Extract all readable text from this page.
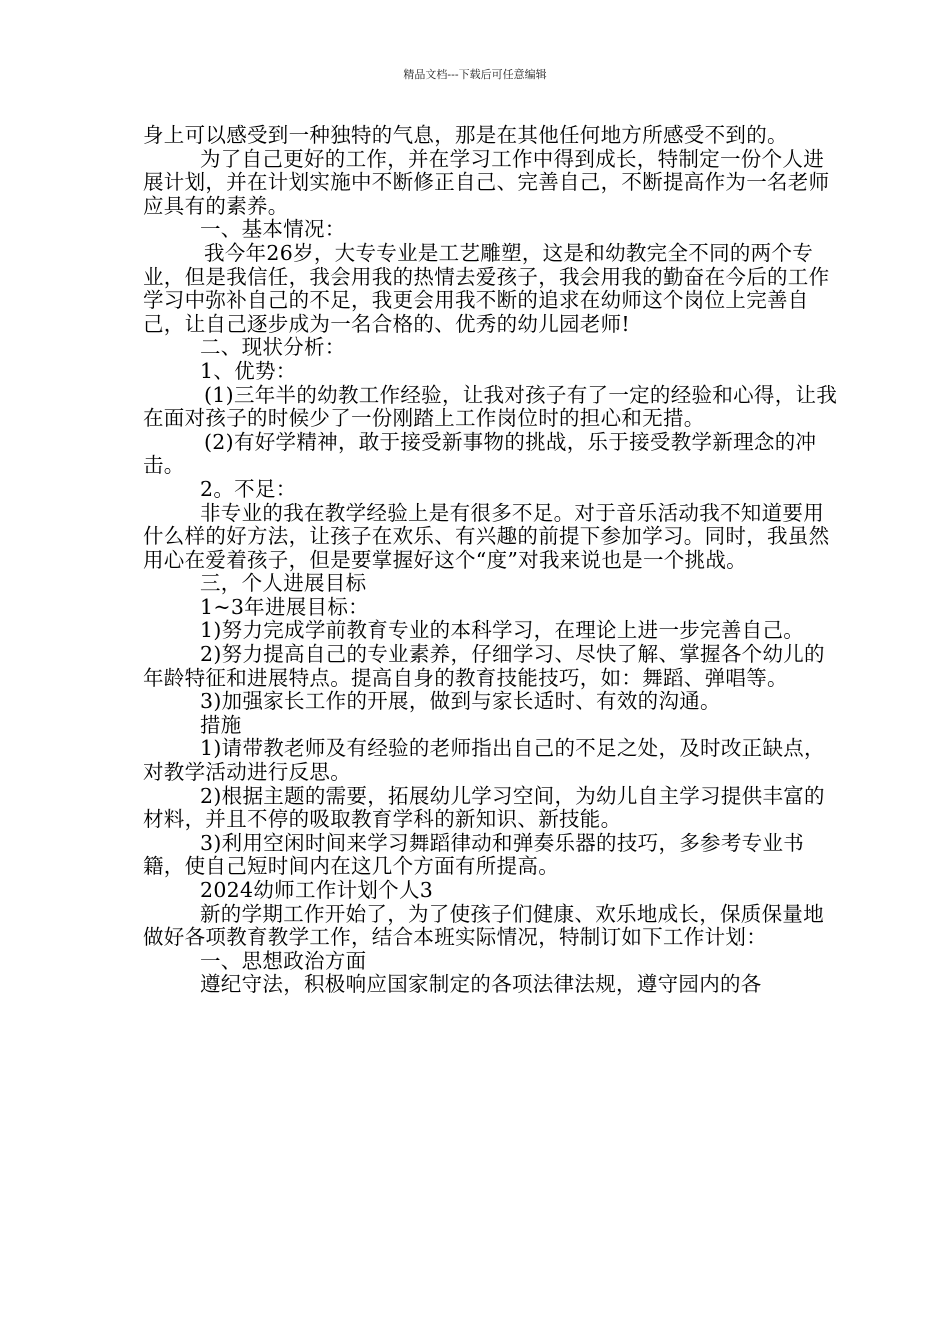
精品文档---下载后可任意编辑

身上可以感受到一种独特的气息，那是在其他任何地方所感受不到的。

为了自己更好的工作，并在学习工作中得到成长，特制定一份个人进展计划，并在计划实施中不断修正自己、完善自己，不断提高作为一名老师应具有的素养。

一、基本情况：

我今年26岁，大专专业是工艺雕塑，这是和幼教完全不同的两个专业，但是我信任，我会用我的热情去爱孩子，我会用我的勤奋在今后的工作学习中弥补自己的不足，我更会用我不断的追求在幼师这个岗位上完善自己，让自己逐步成为一名合格的、优秀的幼儿园老师!

二、现状分析：

1、优势：

(1)三年半的幼教工作经验，让我对孩子有了一定的经验和心得，让我在面对孩子的时候少了一份刚踏上工作岗位时的担心和无措。

(2)有好学精神，敢于接受新事物的挑战，乐于接受教学新理念的冲击。

2。不足：

非专业的我在教学经验上是有很多不足。对于音乐活动我不知道要用什么样的好方法，让孩子在欢乐、有兴趣的前提下参加学习。同时，我虽然用心在爱着孩子，但是要掌握好这个“度”对我来说也是一个挑战。

三，个人进展目标

1~3年进展目标：

1)努力完成学前教育专业的本科学习，在理论上进一步完善自己。

2)努力提高自己的专业素养，仔细学习、尽快了解、掌握各个幼儿的年龄特征和进展特点。提高自身的教育技能技巧，如：舞蹈、弹唱等。

3)加强家长工作的开展，做到与家长适时、有效的沟通。

措施

1)请带教老师及有经验的老师指出自己的不足之处，及时改正缺点，对教学活动进行反思。

2)根据主题的需要，拓展幼儿学习空间，为幼儿自主学习提供丰富的材料，并且不停的吸取教育学科的新知识、新技能。

3)利用空闲时间来学习舞蹈律动和弹奏乐器的技巧，多参考专业书籍，使自己短时间内在这几个方面有所提高。

2024幼师工作计划个人3

新的学期工作开始了，为了使孩子们健康、欢乐地成长，保质保量地做好各项教育教学工作，结合本班实际情况，特制订如下工作计划：

一、思想政治方面

遵纪守法，积极响应国家制定的各项法律法规，遵守园内的各
